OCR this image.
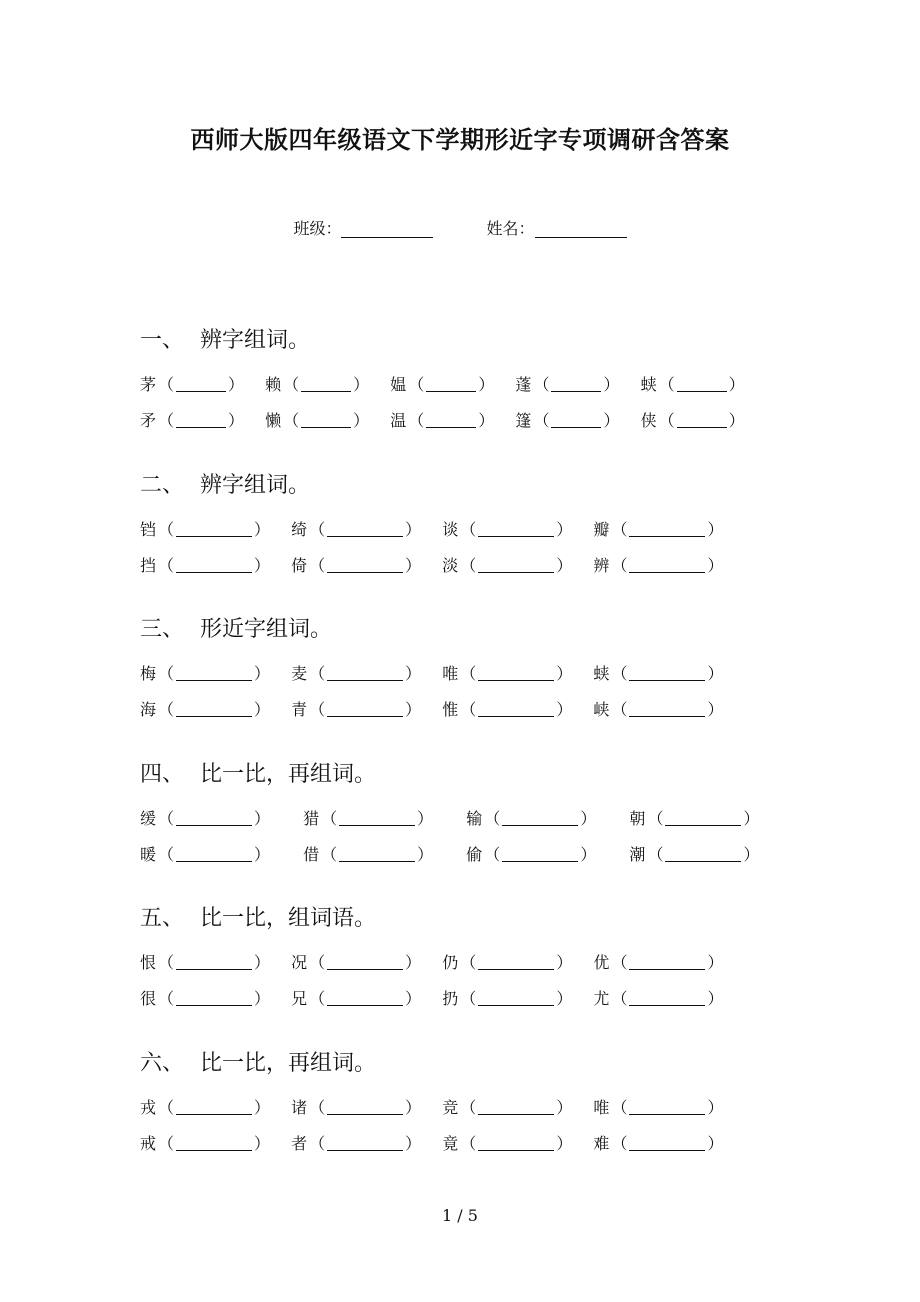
西师大版四年级语文下学期形近字专项调研含答案
班级：	姓名：
一、 辨字组词。
茅 （	） 赖 （	） 媪 （	） 蓬 （	） 蛱 （	）
矛 （	） 懒 （	） 温 （	） 篷 （	） 侠 （	）
二、 辨字组词。
铛 （	） 绮 （	） 谈 （	） 瓣 （	）
挡 （	） 倚 （	） 淡 （	） 辨 （	）
三、 形近字组词。
梅 （	） 麦 （	） 唯 （	） 蛱 （	）
海 （	） 青 （	） 惟 （	） 峡 （	）
四、 比一比，再组词。
缓 （	） 猎 （	） 输 （	） 朝 （	）
暖 （	） 借 （	） 偷 （	） 潮 （	）
五、 比一比，组词语。
恨 （	） 况 （	） 仍 （	） 优 （	）
很 （	） 兄 （	） 扔 （	） 尤 （	）
六、 比一比，再组词。
戎 （	） 诸 （	） 竞 （	） 唯 （	）
戒 （	） 者 （	） 竟 （	） 难 （	）
1 / 5
